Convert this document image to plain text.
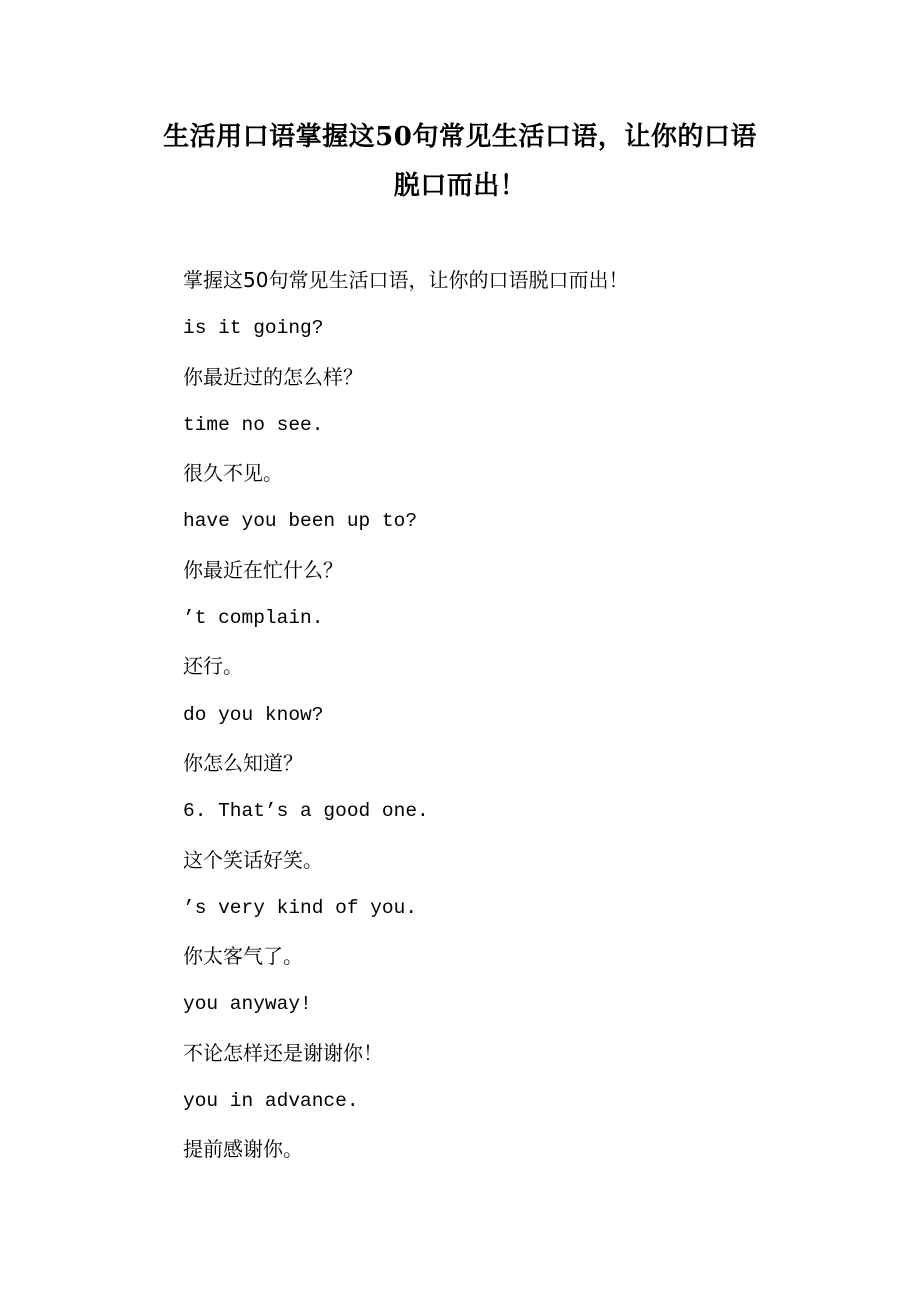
生活用口语掌握这50句常见生活口语，让你的口语
脱口而出！
掌握这50句常见生活口语，让你的口语脱口而出！
is it going?
你最近过的怎么样？
time no see.
很久不见。
have you been up to?
你最近在忙什么？
’t complain.
还行。
do you know?
你怎么知道？
6. That’s a good one.
这个笑话好笑。
’s very kind of you.
你太客气了。
you anyway!
不论怎样还是谢谢你！
you in advance.
提前感谢你。
